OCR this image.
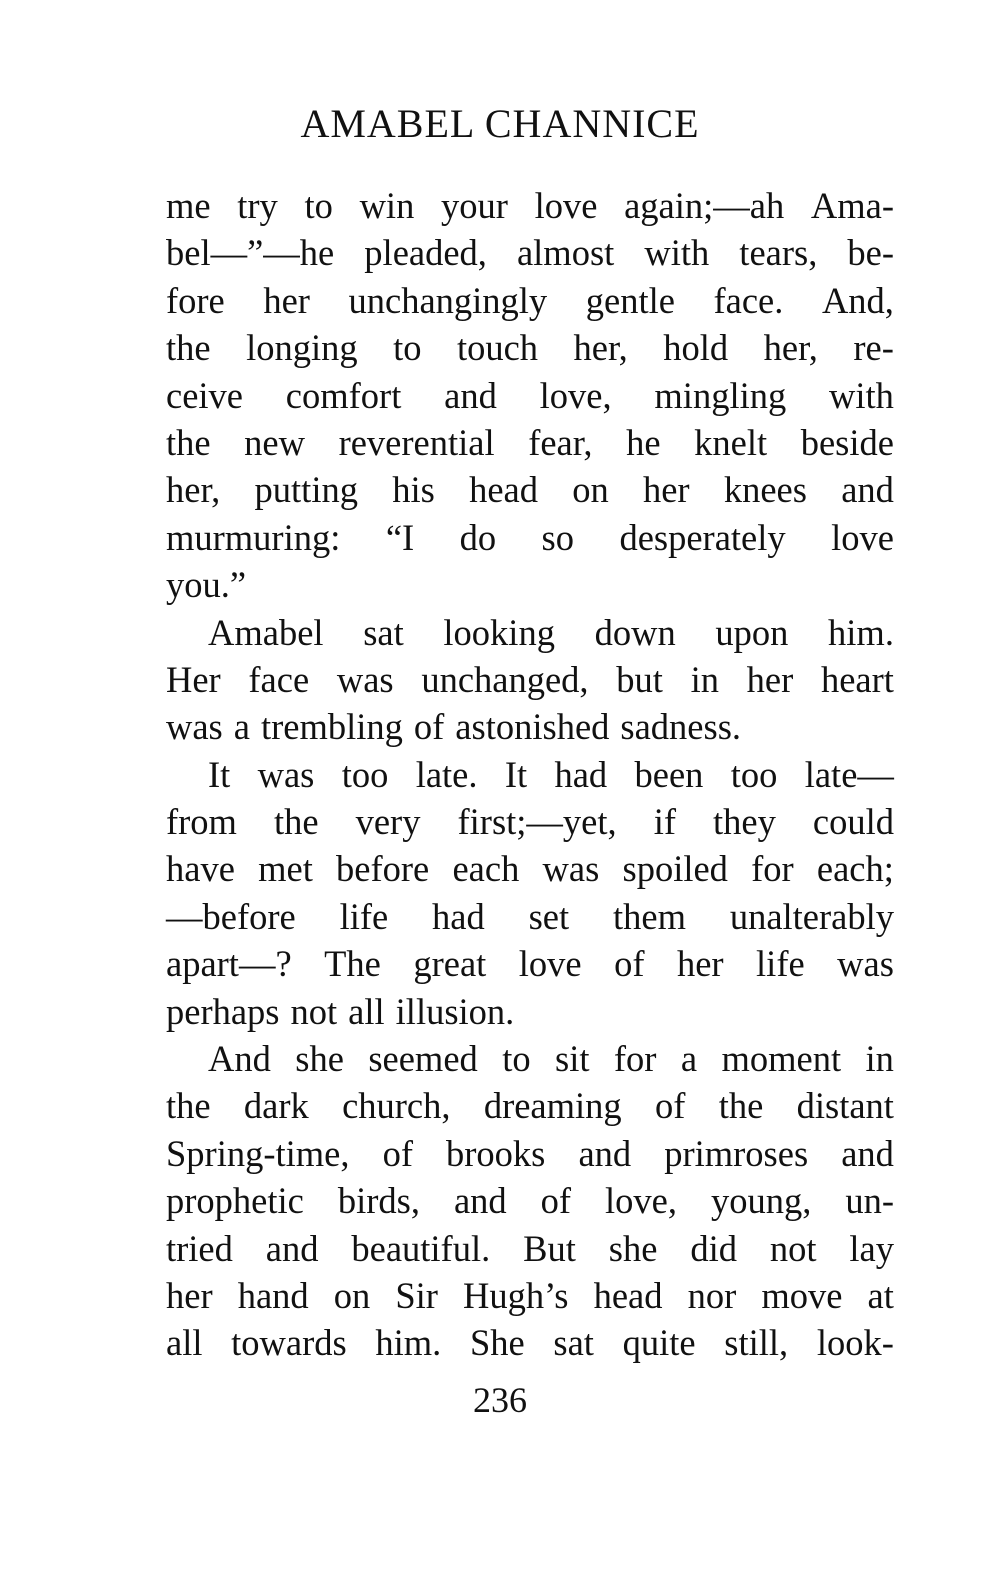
AMABEL CHANNICE
me try to win your love again;—ah Ama-
bel—”—he pleaded, almost with tears, be-
fore her unchangingly gentle face. And,
the longing to touch her, hold her, re-
ceive comfort and love, mingling with
the new reverential fear, he knelt beside
her, putting his head on her knees and
murmuring: “I do so desperately love
you.”
Amabel sat looking down upon him.
Her face was unchanged, but in her heart
was a trembling of astonished sadness.
It was too late. It had been too late—
from the very first;—yet, if they could
have met before each was spoiled for each;
—before life had set them unalterably
apart—? The great love of her life was
perhaps not all illusion.
And she seemed to sit for a moment in
the dark church, dreaming of the distant
Spring-time, of brooks and primroses and
prophetic birds, and of love, young, un-
tried and beautiful. But she did not lay
her hand on Sir Hugh’s head nor move at
all towards him. She sat quite still, look-
236
